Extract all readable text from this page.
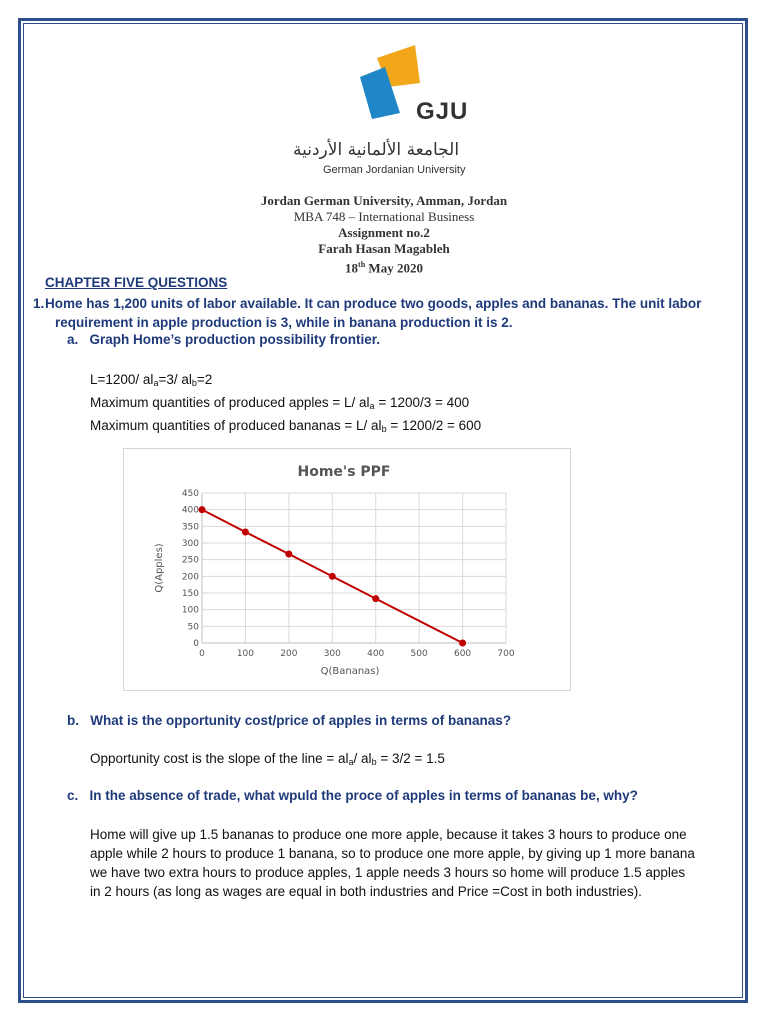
GJU
الجامعة الألمانية الأردنية
German Jordanian University
Jordan German University, Amman, Jordan
MBA 748 – International Business
Assignment no.2
Farah Hasan Magableh
18th May 2020
CHAPTER FIVE QUESTIONS
1. Home has 1,200 units of labor available. It can produce two goods, apples and bananas. The unit labor
requirement in apple production is 3, while in banana production it is 2.
a. Graph Home’s production possibility frontier.
L=1200/ $al_a=3/$ $al_b=2$
Maximum quantities of produced apples = L/ $al_a = 1200/3 = 400$
Maximum quantities of produced bananas = L/ $al_b = 1200/2 = 600$
0
50
100
150
200
250
300
350
400
450
0	100	200	300	400	500	600	700
Home's PPF
Q(Bananas)
Q(Apples)
b. What is the opportunity cost/price of apples in terms of bananas?
Opportunity cost is the slope of the line = $al_a/$ $al_b = 3/2 = 1.5$
c. In the absence of trade, what wpuld the proce of apples in terms of bananas be, why?
Home will give up 1.5 bananas to produce one more apple, because it takes 3 hours to produce one
apple while 2 hours to produce 1 banana, so to produce one more apple, by giving up 1 more banana
we have two extra hours to produce apples, 1 apple needs 3 hours so home will produce 1.5 apples
in 2 hours (as long as wages are equal in both industries and Price =Cost in both industries).
